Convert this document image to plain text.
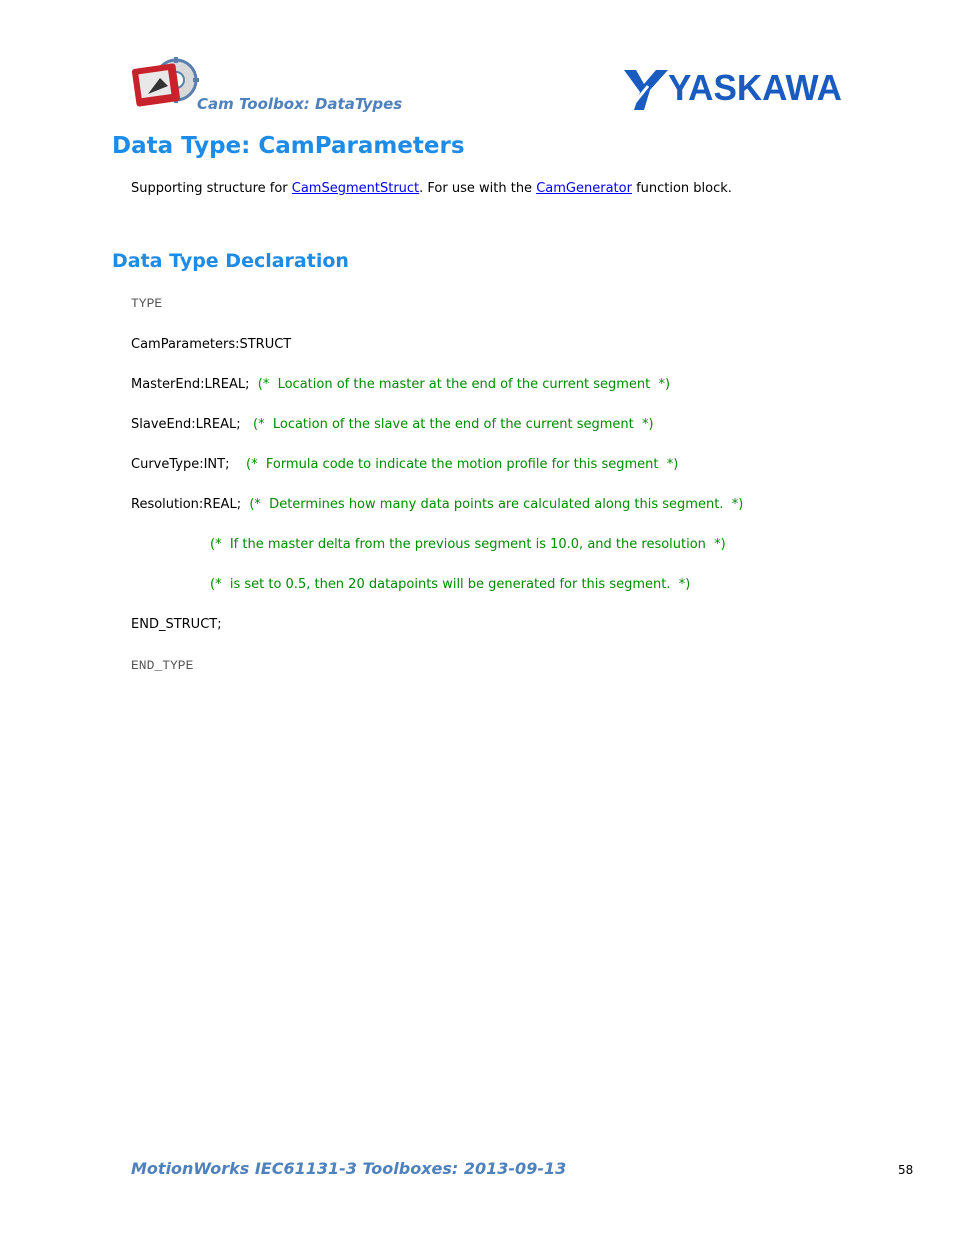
Cam Toolbox: DataTypes	YASKAWA
Data Type: CamParameters
Supporting structure for CamSegmentStruct. For use with the CamGenerator function block.
Data Type Declaration
TYPE
CamParameters:STRUCT
MasterEnd:LREAL;  (*  Location of the master at the end of the current segment  *)
SlaveEnd:LREAL;   (*  Location of the slave at the end of the current segment  *)
CurveType:INT;    (*  Formula code to indicate the motion profile for this segment  *)
Resolution:REAL;  (*  Determines how many data points are calculated along this segment.  *)
(*  If the master delta from the previous segment is 10.0, and the resolution  *)
(*  is set to 0.5, then 20 datapoints will be generated for this segment.  *)
END_STRUCT;
END_TYPE
MotionWorks IEC61131-3 Toolboxes: 2013-09-13	58
